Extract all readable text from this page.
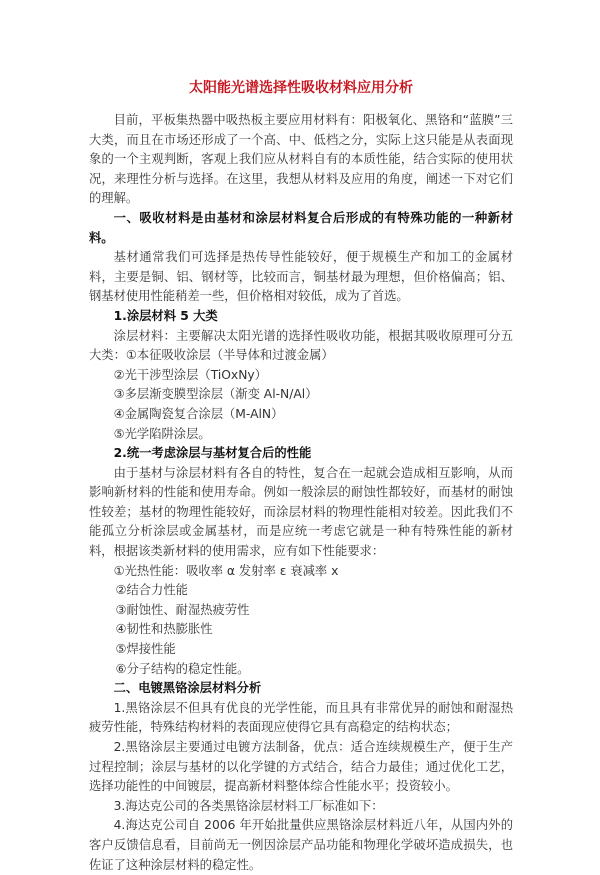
太阳能光谱选择性吸收材料应用分析

目前，平板集热器中吸热板主要应用材料有：阳极氧化、黑铬和“蓝膜”三大类，而且在市场还形成了一个高、中、低档之分，实际上这只能是从表面现象的一个主观判断，客观上我们应从材料自有的本质性能，结合实际的使用状况，来理性分析与选择。在这里，我想从材料及应用的角度，阐述一下对它们的理解。

一、吸收材料是由基材和涂层材料复合后形成的有特殊功能的一种新材料。

基材通常我们可选择是热传导性能较好，便于规模生产和加工的金属材料，主要是铜、铝、钢材等，比较而言，铜基材最为理想，但价格偏高；铝、钢基材使用性能稍差一些，但价格相对较低，成为了首选。

1.涂层材料 5 大类

涂层材料：主要解决太阳光谱的选择性吸收功能，根据其吸收原理可分五大类：①本征吸收涂层（半导体和过渡金属）

②光干涉型涂层（TiOxNy）

③多层渐变膜型涂层（渐变 Al-N/Al）

④金属陶瓷复合涂层（M-AlN）

⑤光学陷阱涂层。

2.统一考虑涂层与基材复合后的性能

由于基材与涂层材料有各自的特性，复合在一起就会造成相互影响，从而影响新材料的性能和使用寿命。例如一般涂层的耐蚀性都较好，而基材的耐蚀性较差；基材的物理性能较好，而涂层材料的物理性能相对较差。因此我们不能孤立分析涂层或金属基材，而是应统一考虑它就是一种有特殊性能的新材料，根据该类新材料的使用需求，应有如下性能要求：

①光热性能：吸收率 α 发射率 ε 衰减率 x

②结合力性能

③耐蚀性、耐湿热疲劳性

④韧性和热膨胀性

⑤焊接性能

⑥分子结构的稳定性能。

二、电镀黑铬涂层材料分析

1.黑铬涂层不但具有优良的光学性能，而且具有非常优异的耐蚀和耐湿热疲劳性能，特殊结构材料的表面现应使得它具有高稳定的结构状态；

2.黑铬涂层主要通过电镀方法制备，优点：适合连续规模生产，便于生产过程控制；涂层与基材的以化学键的方式结合，结合力最佳；通过优化工艺，选择功能性的中间镀层，提高新材料整体综合性能水平；投资较小。

3.海达克公司的各类黑铬涂层材料工厂标准如下：

4.海达克公司自 2006 年开始批量供应黑铬涂层材料近八年，从国内外的客户反馈信息看，目前尚无一例因涂层产品功能和物理化学破坏造成损失，也佐证了这种涂层材料的稳定性。
